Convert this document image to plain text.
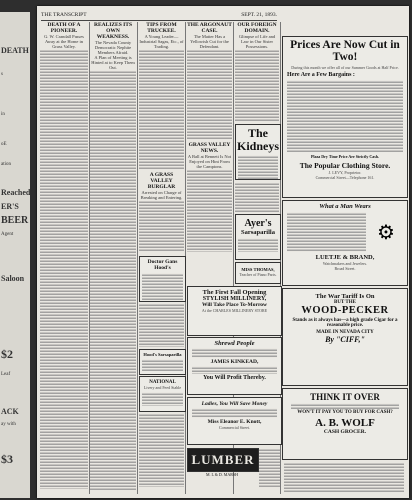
DEATH
s
in
oE
ation
Reached
ER'S
BEER
Agent
Saloon
$2
Leaf
ACK
ay with
$3
THE TRANSCRIPT	SEPT. 21, 1893.

DEATH OF A PIONEER.

G. W. Crandall Passes Away at the Home in Grass Valley.

REALIZES ITS OWN WEAKNESS.

The Nevada County Democratic Nephite Members Afraid.

A Plan of Meeting is Hinted at to Keep Them Out.

TIPS FROM TRUCKEE.

A Young Leader—Industrial Sagas, Etc., of Trading.

A GRASS VALLEY BURGLAR

Arrested on Charge of Breaking and Entering.

THE ARGONAUT CASE.

The Matter Has a Yellowish Cut for the Defendant.

GRASS VALLEY NEWS.

A Ball at Bennett Is Not Enjoyed on Hint From the Camptons.

OUR FOREIGN DOMAIN.

Glimpse of Life and Law in Our Sister Possessions.

The Kidneys
Ayer's
Sarsaparilla
MISS THOMAS,
Teacher of Piano Parts.
Prices Are Now Cut in Two!
During this month we offer all of our Summer Goods at Half Price.
Here Are a Few Bargains :
Plaza Dry Time Price Are Strictly Cash.
The Popular Clothing Store.
J. LEVY, Proprietor.
Commercial Street—Telephone 161.
What a Man Wears
⚙
LUETJE & BRAND,
Watchmakers and Jewelers.
Broad Street.
Doctor Gans Hood's
Hood's Sarsaparilla
NATIONAL
Livery and Feed Stable
The First Fall Opening
STYLISH MILLINERY,
Will Take Place To-Morrow
At the CHARLES MILLINERY STORE
Shrewd People
JAMES KINKEAD,
You Will Profit Thereby.
Ladies, You Will Save Money
Miss Eleanor E. Knott,
Commercial Street.
LUMBER
M. L & D. MARSH
The War Tariff Is On
BUT THE
WOOD-PECKER
Stands as it always has—a high grade Cigar for a reasonable price.
MADE IN NEVADA CITY
By "CIFF,"
THINK IT OVER
WON'T IT PAY YOU TO BUY FOR CASH?
A. B. WOLF
CASH GROCER.
